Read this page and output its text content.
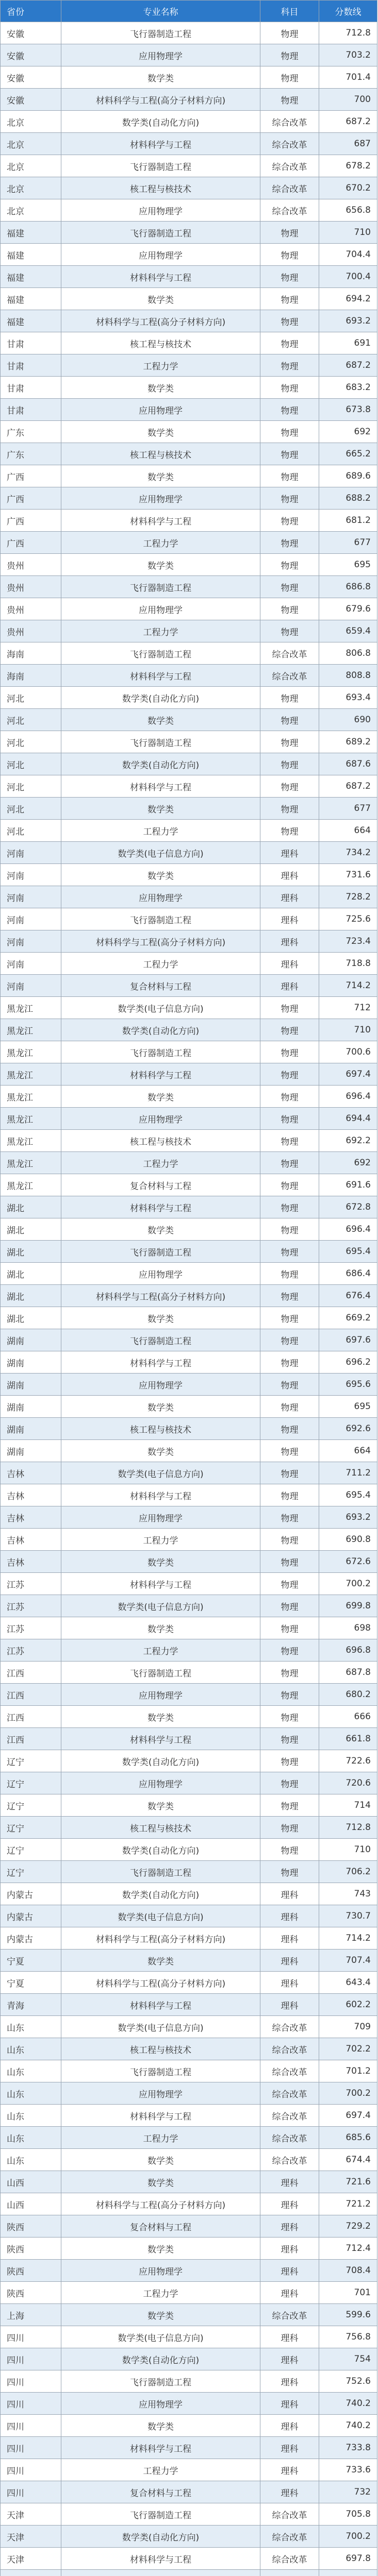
省份	专业名称	科目	分数线
安徽	飞行器制造工程	物理	712.8
安徽	应用物理学	物理	703.2
安徽	数学类	物理	701.4
安徽	材料科学与工程(高分子材料方向)	物理	700
北京	数学类(自动化方向)	综合改革	687.2
北京	材料科学与工程	综合改革	687
北京	飞行器制造工程	综合改革	678.2
北京	核工程与核技术	综合改革	670.2
北京	应用物理学	综合改革	656.8
福建	飞行器制造工程	物理	710
福建	应用物理学	物理	704.4
福建	材料科学与工程	物理	700.4
福建	数学类	物理	694.2
福建	材料科学与工程(高分子材料方向)	物理	693.2
甘肃	核工程与核技术	物理	691
甘肃	工程力学	物理	687.2
甘肃	数学类	物理	683.2
甘肃	应用物理学	物理	673.8
广东	数学类	物理	692
广东	核工程与核技术	物理	665.2
广西	数学类	物理	689.6
广西	应用物理学	物理	688.2
广西	材料科学与工程	物理	681.2
广西	工程力学	物理	677
贵州	数学类	物理	695
贵州	飞行器制造工程	物理	686.8
贵州	应用物理学	物理	679.6
贵州	工程力学	物理	659.4
海南	飞行器制造工程	综合改革	806.8
海南	材料科学与工程	综合改革	808.8
河北	数学类(自动化方向)	物理	693.4
河北	数学类	物理	690
河北	飞行器制造工程	物理	689.2
河北	数学类(自动化方向)	物理	687.6
河北	材料科学与工程	物理	687.2
河北	数学类	物理	677
河北	工程力学	物理	664
河南	数学类(电子信息方向)	理科	734.2
河南	数学类	理科	731.6
河南	应用物理学	理科	728.2
河南	飞行器制造工程	理科	725.6
河南	材料科学与工程(高分子材料方向)	理科	723.4
河南	工程力学	理科	718.8
河南	复合材料与工程	理科	714.2
黑龙江	数学类(电子信息方向)	物理	712
黑龙江	数学类(自动化方向)	物理	710
黑龙江	飞行器制造工程	物理	700.6
黑龙江	材料科学与工程	物理	697.4
黑龙江	数学类	物理	696.4
黑龙江	应用物理学	物理	694.4
黑龙江	核工程与核技术	物理	692.2
黑龙江	工程力学	物理	692
黑龙江	复合材料与工程	物理	691.6
湖北	材料科学与工程	物理	672.8
湖北	数学类	物理	696.4
湖北	飞行器制造工程	物理	695.4
湖北	应用物理学	物理	686.4
湖北	材料科学与工程(高分子材料方向)	物理	676.4
湖北	数学类	物理	669.2
湖南	飞行器制造工程	物理	697.6
湖南	材料科学与工程	物理	696.2
湖南	应用物理学	物理	695.6
湖南	数学类	物理	695
湖南	核工程与核技术	物理	692.6
湖南	数学类	物理	664
吉林	数学类(电子信息方向)	物理	711.2
吉林	材料科学与工程	物理	695.4
吉林	应用物理学	物理	693.2
吉林	工程力学	物理	690.8
吉林	数学类	物理	672.6
江苏	材料科学与工程	物理	700.2
江苏	数学类(电子信息方向)	物理	699.8
江苏	数学类	物理	698
江苏	工程力学	物理	696.8
江西	飞行器制造工程	物理	687.8
江西	应用物理学	物理	680.2
江西	数学类	物理	666
江西	材料科学与工程	物理	661.8
辽宁	数学类(自动化方向)	物理	722.6
辽宁	应用物理学	物理	720.6
辽宁	数学类	物理	714
辽宁	核工程与核技术	物理	712.8
辽宁	数学类(自动化方向)	物理	710
辽宁	飞行器制造工程	物理	706.2
内蒙古	数学类(自动化方向)	理科	743
内蒙古	数学类(电子信息方向)	理科	730.7
内蒙古	材料科学与工程(高分子材料方向)	理科	714.2
宁夏	数学类	理科	707.4
宁夏	材料科学与工程(高分子材料方向)	理科	643.4
青海	材料科学与工程	理科	602.2
山东	数学类(电子信息方向)	综合改革	709
山东	核工程与核技术	综合改革	702.2
山东	飞行器制造工程	综合改革	701.2
山东	应用物理学	综合改革	700.2
山东	材料科学与工程	综合改革	697.4
山东	工程力学	综合改革	685.6
山东	数学类	综合改革	674.4
山西	数学类	理科	721.6
山西	材料科学与工程(高分子材料方向)	理科	721.2
陕西	复合材料与工程	理科	729.2
陕西	数学类	理科	712.4
陕西	应用物理学	理科	708.4
陕西	工程力学	理科	701
上海	数学类	综合改革	599.6
四川	数学类(电子信息方向)	理科	756.8
四川	数学类(自动化方向)	理科	754
四川	飞行器制造工程	理科	752.6
四川	应用物理学	理科	740.2
四川	数学类	理科	740.2
四川	材料科学与工程	理科	733.8
四川	工程力学	理科	733.6
四川	复合材料与工程	理科	732
天津	飞行器制造工程	综合改革	705.8
天津	数学类(自动化方向)	综合改革	700.2
天津	材料科学与工程	综合改革	697.8
